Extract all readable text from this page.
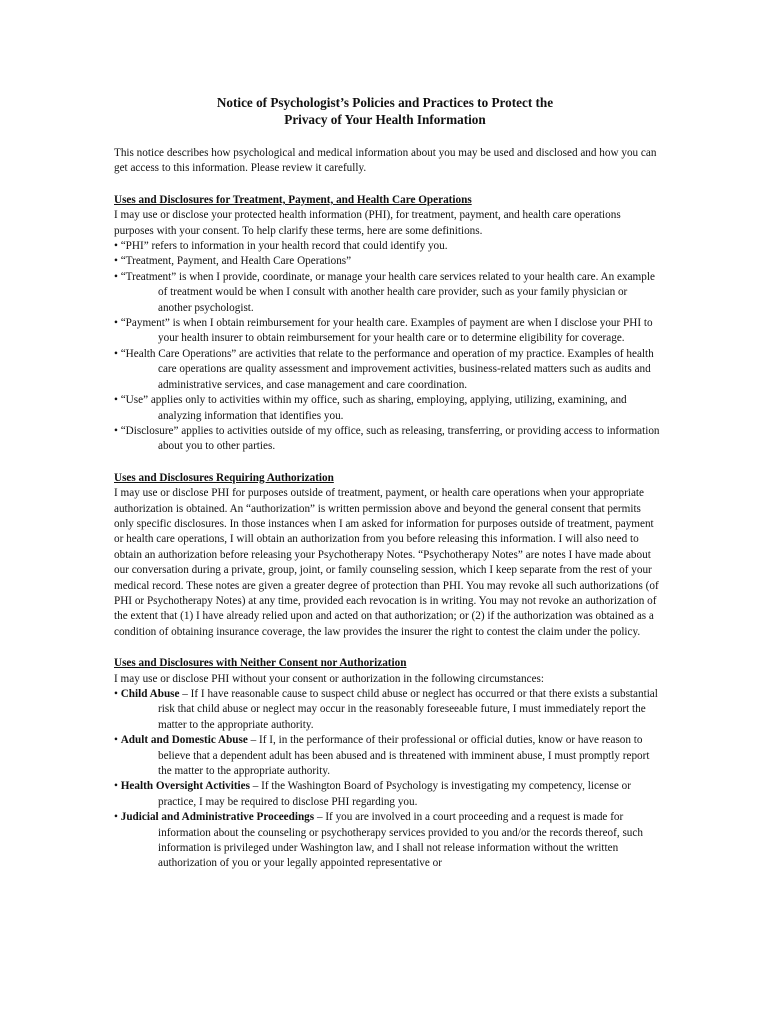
Notice of Psychologist’s Policies and Practices to Protect the
Privacy of Your Health Information

This notice describes how psychological and medical information about you may be used and disclosed and how you can get access to this information. Please review it carefully.

Uses and Disclosures for Treatment, Payment, and Health Care Operations

I may use or disclose your protected health information (PHI), for treatment, payment, and health care operations purposes with your consent. To help clarify these terms, here are some definitions.

• “PHI” refers to information in your health record that could identify you.

• “Treatment, Payment, and Health Care Operations”

• “Treatment” is when I provide, coordinate, or manage your health care services related to your health care. An example of treatment would be when I consult with another health care provider, such as your family physician or another psychologist.

• “Payment” is when I obtain reimbursement for your health care. Examples of payment are when I disclose your PHI to your health insurer to obtain reimbursement for your health care or to determine eligibility for coverage.

• “Health Care Operations” are activities that relate to the performance and operation of my practice. Examples of health care operations are quality assessment and improvement activities, business-related matters such as audits and administrative services, and case management and care coordination.

• “Use” applies only to activities within my office, such as sharing, employing, applying, utilizing, examining, and analyzing information that identifies you.

• “Disclosure” applies to activities outside of my office, such as releasing, transferring, or providing access to information about you to other parties.

Uses and Disclosures Requiring Authorization

I may use or disclose PHI for purposes outside of treatment, payment, or health care operations when your appropriate authorization is obtained. An “authorization” is written permission above and beyond the general consent that permits only specific disclosures. In those instances when I am asked for information for purposes outside of treatment, payment or health care operations, I will obtain an authorization from you before releasing this information. I will also need to obtain an authorization before releasing your Psychotherapy Notes. “Psychotherapy Notes” are notes I have made about our conversation during a private, group, joint, or family counseling session, which I keep separate from the rest of your medical record. These notes are given a greater degree of protection than PHI. You may revoke all such authorizations (of PHI or Psychotherapy Notes) at any time, provided each revocation is in writing. You may not revoke an authorization of the extent that (1) I have already relied upon and acted on that authorization; or (2) if the authorization was obtained as a condition of obtaining insurance coverage, the law provides the insurer the right to contest the claim under the policy.

Uses and Disclosures with Neither Consent nor Authorization

I may use or disclose PHI without your consent or authorization in the following circumstances:

• Child Abuse – If I have reasonable cause to suspect child abuse or neglect has occurred or that there exists a substantial risk that child abuse or neglect may occur in the reasonably foreseeable future, I must immediately report the matter to the appropriate authority.

• Adult and Domestic Abuse – If I, in the performance of their professional or official duties, know or have reason to believe that a dependent adult has been abused and is threatened with imminent abuse, I must promptly report the matter to the appropriate authority.

• Health Oversight Activities – If the Washington Board of Psychology is investigating my competency, license or practice, I may be required to disclose PHI regarding you.

• Judicial and Administrative Proceedings – If you are involved in a court proceeding and a request is made for information about the counseling or psychotherapy services provided to you and/or the records thereof, such information is privileged under Washington law, and I shall not release information without the written authorization of you or your legally appointed representative or
